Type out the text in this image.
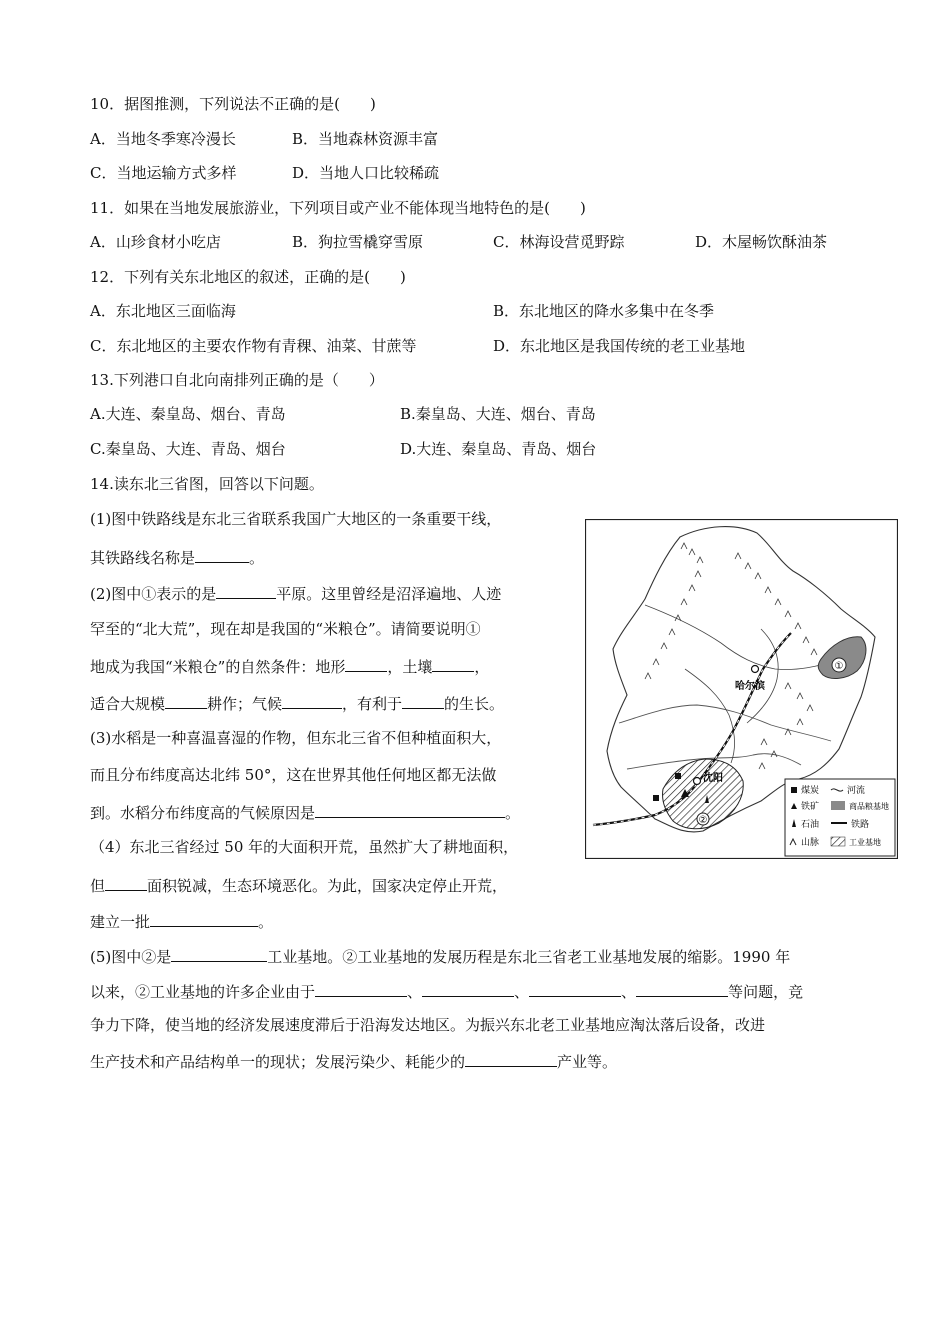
10．据图推测，下列说法不正确的是(　　)
A．当地冬季寒冷漫长	B．当地森林资源丰富
C．当地运输方式多样	D．当地人口比较稀疏
11．如果在当地发展旅游业，下列项目或产业不能体现当地特色的是(　　)
A．山珍食材小吃店	B．狗拉雪橇穿雪原	C．林海设营觅野踪	D．木屋畅饮酥油茶
12．下列有关东北地区的叙述，正确的是(　　)
A．东北地区三面临海	B．东北地区的降水多集中在冬季
C．东北地区的主要农作物有青稞、油菜、甘蔗等	D．东北地区是我国传统的老工业基地
13.下列港口自北向南排列正确的是（　　）
A.大连、秦皇岛、烟台、青岛	B.秦皇岛、大连、烟台、青岛
C.秦皇岛、大连、青岛、烟台	D.大连、秦皇岛、青岛、烟台
14.读东北三省图，回答以下问题。
(1)图中铁路线是东北三省联系我国广大地区的一条重要干线，
其铁路线名称是	。
(2)图中①表示的是	平原。这里曾经是沼泽遍地、人迹
罕至的“北大荒”，现在却是我国的“米粮仓”。请简要说明①
地成为我国“米粮仓”的自然条件：地形	，土壤	，
适合大规模	耕作；气候	，有利于	的生长。
(3)水稻是一种喜温喜湿的作物，但东北三省不但种植面积大，
而且分布纬度高达北纬 50°，这在世界其他任何地区都无法做
到。水稻分布纬度高的气候原因是	。
（4）东北三省经过 50 年的大面积开荒，虽然扩大了耕地面积，
但	面积锐减，生态环境恶化。为此，国家决定停止开荒，
建立一批	。
(5)图中②是	工业基地。②工业基地的发展历程是东北三省老工业基地发展的缩影。1990 年
以来，②工业基地的许多企业由于	、	、	、	等问题，竞
争力下降，使当地的经济发展速度滞后于沿海发达地区。为振兴东北老工业基地应淘汰落后设备，改进
生产技术和产品结构单一的现状；发展污染少、耗能少的	产业等。
①
②
哈尔滨
沈阳
煤炭	河流
铁矿	商品粮基地
石油	铁路
山脉	工业基地
